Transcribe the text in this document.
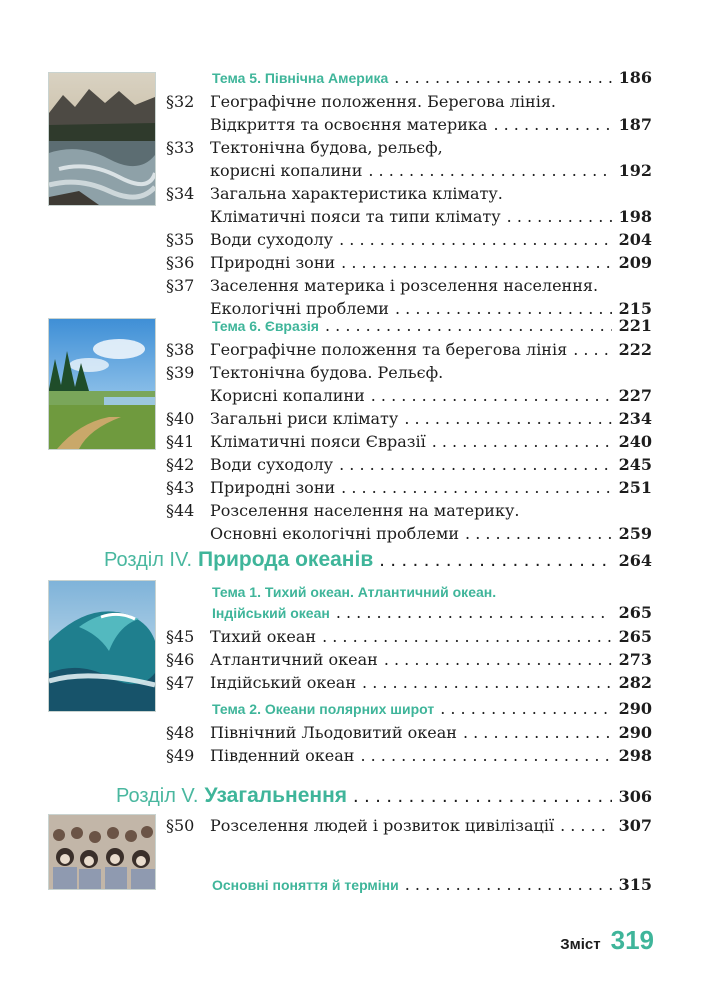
Тема 5. Північна Америка . . .	186
§32 Географічне положення. Берегова лінія.
Відкриття та освоєння материка . . .	187
§33 Тектонічна будова, рельєф,
корисні копалини . . .	192
§34 Загальна характеристика клімату.
Кліматичні пояси та типи клімату . . .	198
§35 Води суходолу . . .	204
§36 Природні зони . . .	209
§37 Заселення материка і розселення населення.
Екологічні проблеми . . .	215
Тема 6. Євразія . . .	221
§38 Географічне положення та берегова лінія . . .	222
§39 Тектонічна будова. Рельєф.
Корисні копалини . . .	227
§40 Загальні риси клімату . . .	234
§41 Кліматичні пояси Євразії . . .	240
§42 Води суходолу . . .	245
§43 Природні зони . . .	251
§44 Розселення населення на материку.
Основні екологічні проблеми . . .	259
Розділ IV. Природа океанів . . .	264
Тема 1. Тихий океан. Атлантичний океан.
Індійський океан . . .	265
§45 Тихий океан . . .	265
§46 Атлантичний океан . . .	273
§47 Індійський океан . . .	282
Тема 2. Океани полярних широт . . .	290
§48 Північний Льодовитий океан . . .	290
§49 Південний океан . . .	298
Розділ V. Узагальнення . . .	306
§50 Розселення людей і розвиток цивілізації . . .	307
Основні поняття й терміни . . .	315
Зміст 319
